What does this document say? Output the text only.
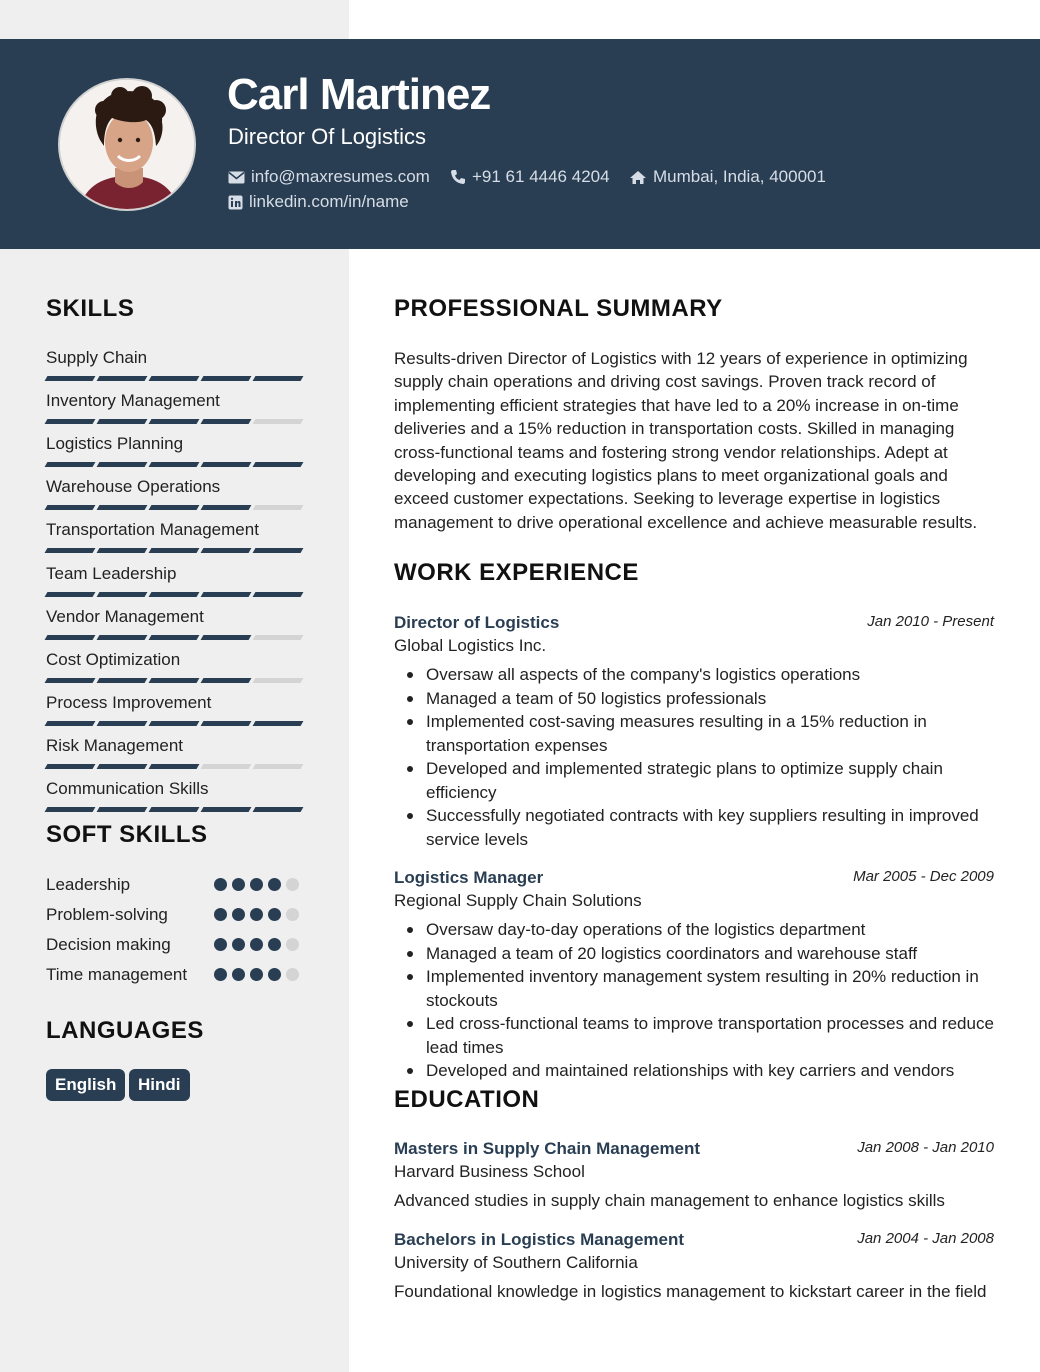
Carl Martinez
Director Of Logistics
info@maxresumes.com +91 61 4446 4204	Mumbai, India, 400001
linkedin.com/in/name
SKILLS
Supply Chain
Inventory Management
Logistics Planning
Warehouse Operations
Transportation Management
Team Leadership
Vendor Management
Cost Optimization
Process Improvement
Risk Management
Communication Skills
SOFT SKILLS
Leadership
Problem-solving
Decision making
Time management
LANGUAGES
English	Hindi
PROFESSIONAL SUMMARY
Results-driven Director of Logistics with 12 years of experience in optimizing supply chain operations and driving cost savings. Proven track record of implementing efficient strategies that have led to a 20% increase in on-time deliveries and a 15% reduction in transportation costs. Skilled in managing cross-functional teams and fostering strong vendor relationships. Adept at developing and executing logistics plans to meet organizational goals and exceed customer expectations. Seeking to leverage expertise in logistics management to drive operational excellence and achieve measurable results.
WORK EXPERIENCE
Director of Logistics	Jan 2010 - Present
Global Logistics Inc.
Oversaw all aspects of the company's logistics operations
Managed a team of 50 logistics professionals
Implemented cost-saving measures resulting in a 15% reduction in transportation expenses
Developed and implemented strategic plans to optimize supply chain efficiency
Successfully negotiated contracts with key suppliers resulting in improved service levels
Logistics Manager	Mar 2005 - Dec 2009
Regional Supply Chain Solutions
Oversaw day-to-day operations of the logistics department
Managed a team of 20 logistics coordinators and warehouse staff
Implemented inventory management system resulting in 20% reduction in stockouts
Led cross-functional teams to improve transportation processes and reduce lead times
Developed and maintained relationships with key carriers and vendors
EDUCATION
Masters in Supply Chain Management	Jan 2008 - Jan 2010
Harvard Business School
Advanced studies in supply chain management to enhance logistics skills
Bachelors in Logistics Management	Jan 2004 - Jan 2008
University of Southern California
Foundational knowledge in logistics management to kickstart career in the field
